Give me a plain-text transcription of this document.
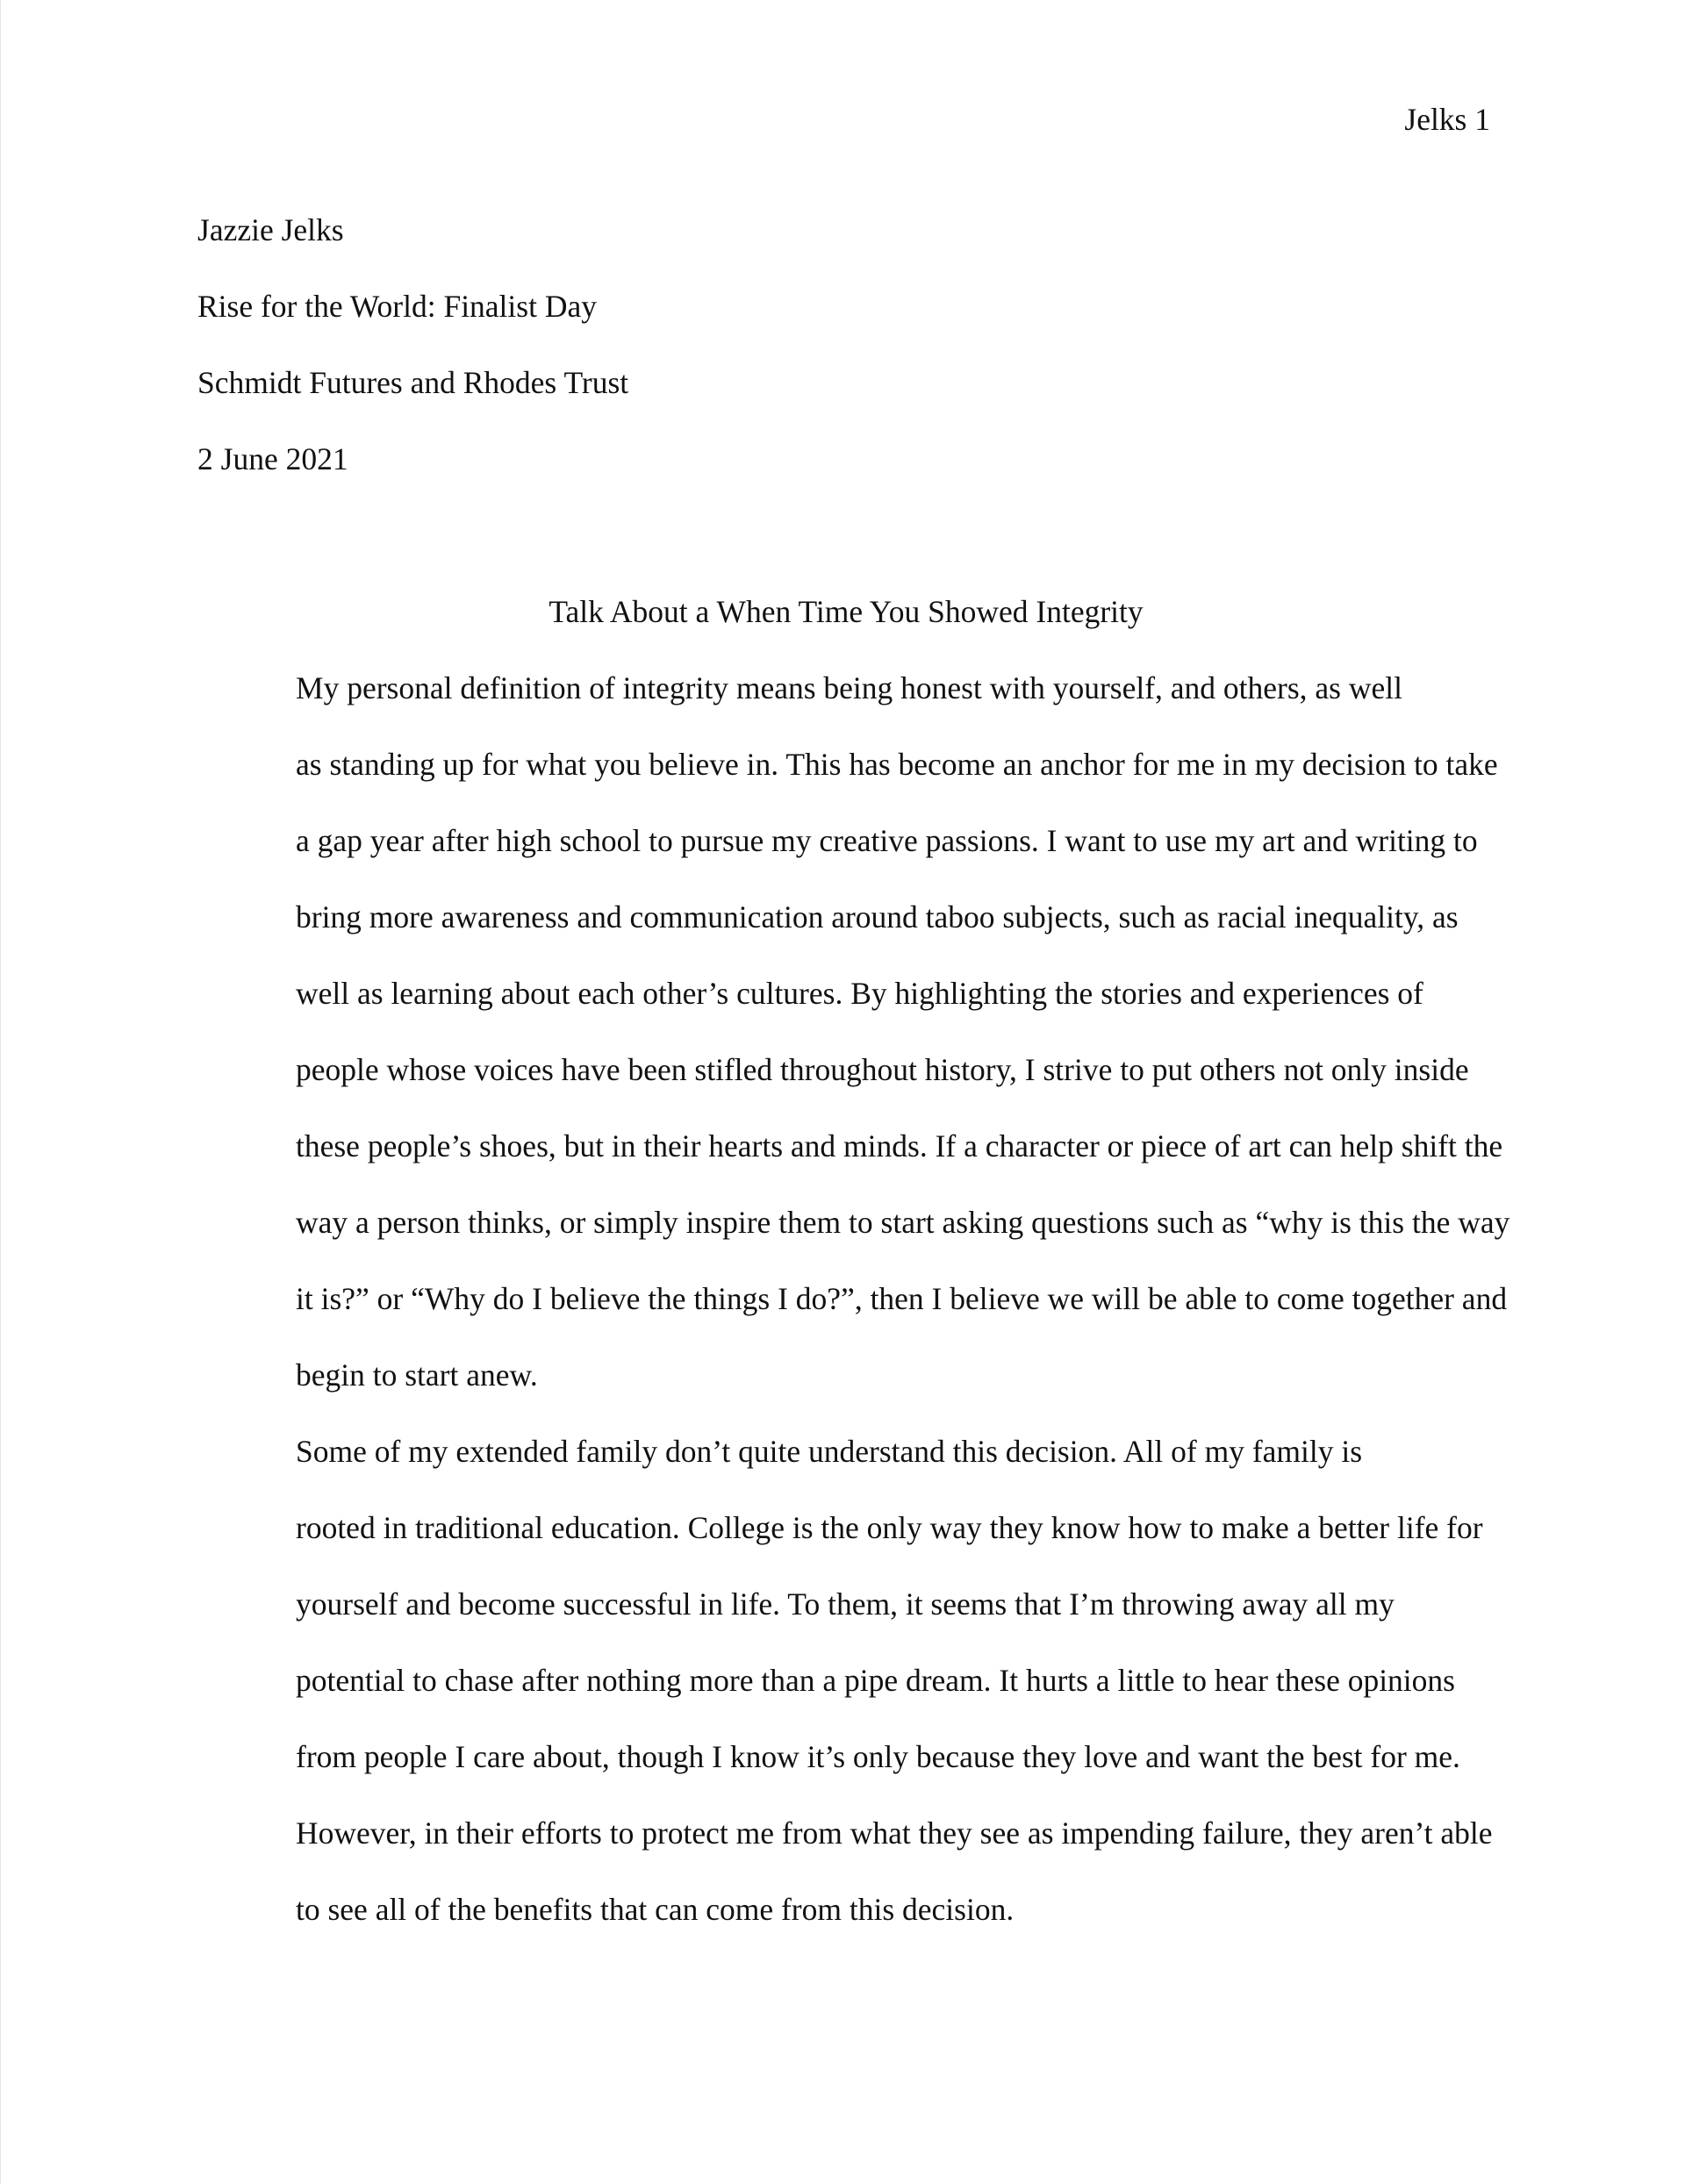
Jelks 1
Jazzie Jelks
Rise for the World: Finalist Day
Schmidt Futures and Rhodes Trust
2 June 2021
Talk About a When Time You Showed Integrity

My personal definition of integrity means being honest with yourself, and others, as well
as standing up for what you believe in. This has become an anchor for me in my decision to take
a gap year after high school to pursue my creative passions. I want to use my art and writing to
bring more awareness and communication around taboo subjects, such as racial inequality, as
well as learning about each other’s cultures. By highlighting the stories and experiences of
people whose voices have been stifled throughout history, I strive to put others not only inside
these people’s shoes, but in their hearts and minds. If a character or piece of art can help shift the
way a person thinks, or simply inspire them to start asking questions such as “why is this the way
it is?” or “Why do I believe the things I do?”, then I believe we will be able to come together and
begin to start anew.

Some of my extended family don’t quite understand this decision. All of my family is
rooted in traditional education. College is the only way they know how to make a better life for
yourself and become successful in life. To them, it seems that I’m throwing away all my
potential to chase after nothing more than a pipe dream. It hurts a little to hear these opinions
from people I care about, though I know it’s only because they love and want the best for me.
However, in their efforts to protect me from what they see as impending failure, they aren’t able
to see all of the benefits that can come from this decision.
